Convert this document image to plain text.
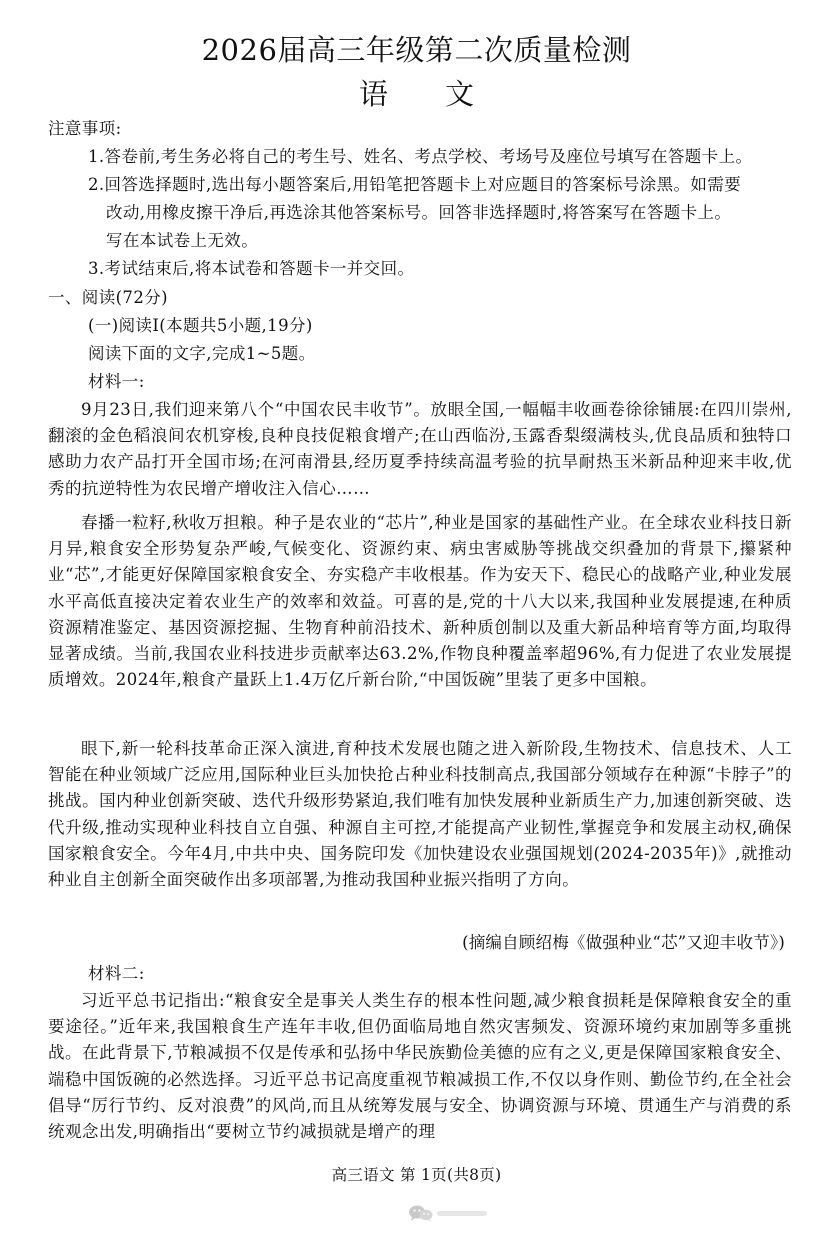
2026届高三年级第二次质量检测
语 文
注意事项:
1.答卷前,考生务必将自己的考生号、姓名、考点学校、考场号及座位号填写在答题卡上。
2.回答选择题时,选出每小题答案后,用铅笔把答题卡上对应题目的答案标号涂黑。如需要
改动,用橡皮擦干净后,再选涂其他答案标号。回答非选择题时,将答案写在答题卡上。
写在本试卷上无效。
3.考试结束后,将本试卷和答题卡一并交回。
一、阅读(72分)
(一)阅读Ⅰ(本题共5小题,19分)
阅读下面的文字,完成1~5题。
材料一:
9月23日,我们迎来第八个“中国农民丰收节”。放眼全国,一幅幅丰收画卷徐徐铺展:在四川崇州,翻滚的金色稻浪间农机穿梭,良种良技促粮食增产;在山西临汾,玉露香梨缀满枝头,优良品质和独特口感助力农产品打开全国市场;在河南滑县,经历夏季持续高温考验的抗旱耐热玉米新品种迎来丰收,优秀的抗逆特性为农民增产增收注入信心……
春播一粒籽,秋收万担粮。种子是农业的“芯片”,种业是国家的基础性产业。在全球农业科技日新月异,粮食安全形势复杂严峻,气候变化、资源约束、病虫害威胁等挑战交织叠加的背景下,攥紧种业“芯”,才能更好保障国家粮食安全、夯实稳产丰收根基。作为安天下、稳民心的战略产业,种业发展水平高低直接决定着农业生产的效率和效益。可喜的是,党的十八大以来,我国种业发展提速,在种质资源精准鉴定、基因资源挖掘、生物育种前沿技术、新种质创制以及重大新品种培育等方面,均取得显著成绩。当前,我国农业科技进步贡献率达63.2%,作物良种覆盖率超96%,有力促进了农业发展提质增效。2024年,粮食产量跃上1.4万亿斤新台阶,“中国饭碗”里装了更多中国粮。
眼下,新一轮科技革命正深入演进,育种技术发展也随之进入新阶段,生物技术、信息技术、人工智能在种业领域广泛应用,国际种业巨头加快抢占种业科技制高点,我国部分领域存在种源“卡脖子”的挑战。国内种业创新突破、迭代升级形势紧迫,我们唯有加快发展种业新质生产力,加速创新突破、迭代升级,推动实现种业科技自立自强、种源自主可控,才能提高产业韧性,掌握竞争和发展主动权,确保国家粮食安全。今年4月,中共中央、国务院印发《加快建设农业强国规划(2024-2035年)》,就推动种业自主创新全面突破作出多项部署,为推动我国种业振兴指明了方向。
(摘编自顾绍梅《做强种业“芯”又迎丰收节》)
材料二:
习近平总书记指出:“粮食安全是事关人类生存的根本性问题,减少粮食损耗是保障粮食安全的重要途径。”近年来,我国粮食生产连年丰收,但仍面临局地自然灾害频发、资源环境约束加剧等多重挑战。在此背景下,节粮减损不仅是传承和弘扬中华民族勤俭美德的应有之义,更是保障国家粮食安全、端稳中国饭碗的必然选择。习近平总书记高度重视节粮减损工作,不仅以身作则、勤俭节约,在全社会倡导“厉行节约、反对浪费”的风尚,而且从统筹发展与安全、协调资源与环境、贯通生产与消费的系统观念出发,明确指出“要树立节约减损就是增产的理
高三语文 第 1页(共8页)
